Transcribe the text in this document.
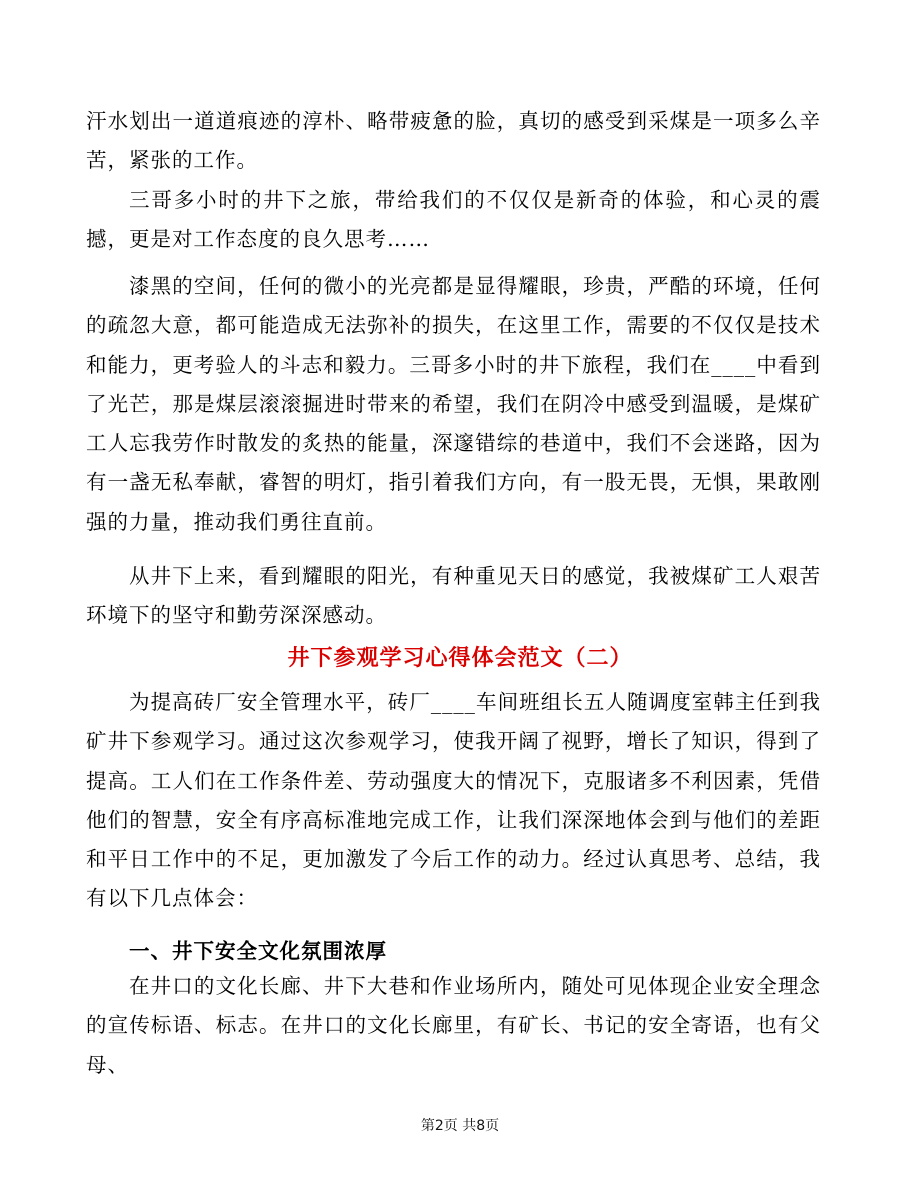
汗水划出一道道痕迹的淳朴、略带疲惫的脸，真切的感受到采煤是一项多么辛苦，紧张的工作。

三哥多小时的井下之旅，带给我们的不仅仅是新奇的体验，和心灵的震撼，更是对工作态度的良久思考……

漆黑的空间，任何的微小的光亮都是显得耀眼，珍贵，严酷的环境，任何的疏忽大意，都可能造成无法弥补的损失，在这里工作，需要的不仅仅是技术和能力，更考验人的斗志和毅力。三哥多小时的井下旅程，我们在____中看到了光芒，那是煤层滚滚掘进时带来的希望，我们在阴冷中感受到温暖，是煤矿工人忘我劳作时散发的炙热的能量，深邃错综的巷道中，我们不会迷路，因为有一盏无私奉献，睿智的明灯，指引着我们方向，有一股无畏，无惧，果敢刚强的力量，推动我们勇往直前。

从井下上来，看到耀眼的阳光，有种重见天日的感觉，我被煤矿工人艰苦环境下的坚守和勤劳深深感动。

井下参观学习心得体会范文（二）

为提高砖厂安全管理水平，砖厂____车间班组长五人随调度室韩主任到我矿井下参观学习。通过这次参观学习，使我开阔了视野，增长了知识，得到了提高。工人们在工作条件差、劳动强度大的情况下，克服诸多不利因素，凭借他们的智慧，安全有序高标准地完成工作，让我们深深地体会到与他们的差距和平日工作中的不足，更加激发了今后工作的动力。经过认真思考、总结，我有以下几点体会：

一、井下安全文化氛围浓厚

在井口的文化长廊、井下大巷和作业场所内，随处可见体现企业安全理念的宣传标语、标志。在井口的文化长廊里，有矿长、书记的安全寄语，也有父母、

第2页 共8页
